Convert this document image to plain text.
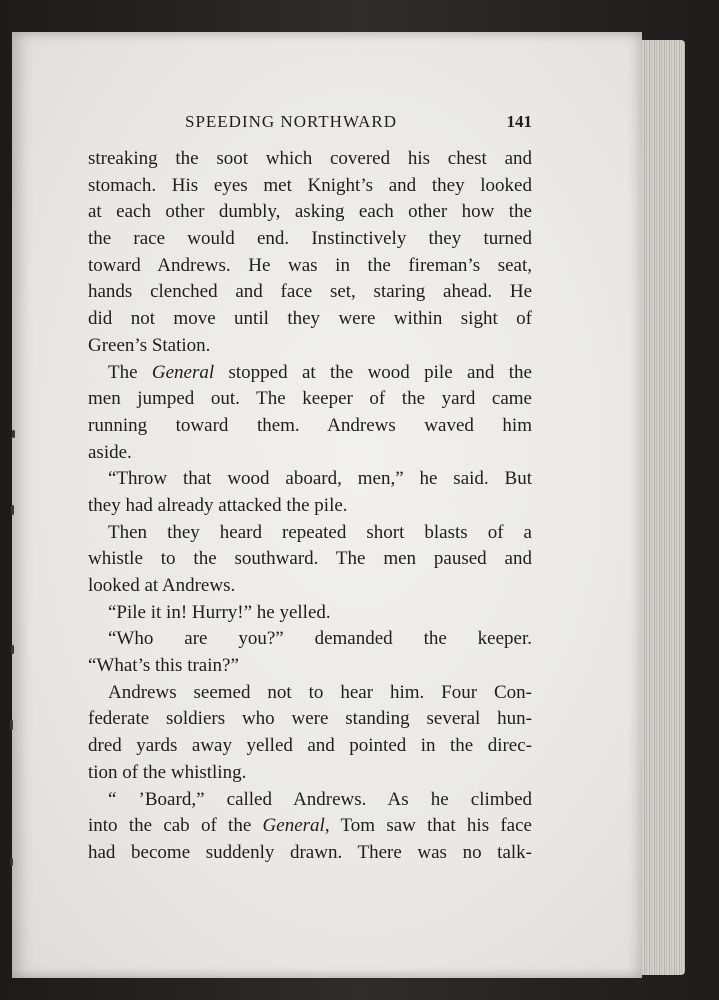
SPEEDING NORTHWARD	141
streaking the soot which covered his chest and
stomach. His eyes met Knight’s and they looked
at each other dumbly, asking each other how the
the race would end. Instinctively they turned
toward Andrews. He was in the fireman’s seat,
hands clenched and face set, staring ahead. He
did not move until they were within sight of
Green’s Station.
The General stopped at the wood pile and the
men jumped out. The keeper of the yard came
running toward them. Andrews waved him
aside.
“Throw that wood aboard, men,” he said. But
they had already attacked the pile.
Then they heard repeated short blasts of a
whistle to the southward. The men paused and
looked at Andrews.
“Pile it in! Hurry!” he yelled.
“Who are you?” demanded the keeper.
“What’s this train?”
Andrews seemed not to hear him. Four Con-
federate soldiers who were standing several hun-
dred yards away yelled and pointed in the direc-
tion of the whistling.
“ ’Board,” called Andrews. As he climbed
into the cab of the General, Tom saw that his face
had become suddenly drawn. There was no talk-
